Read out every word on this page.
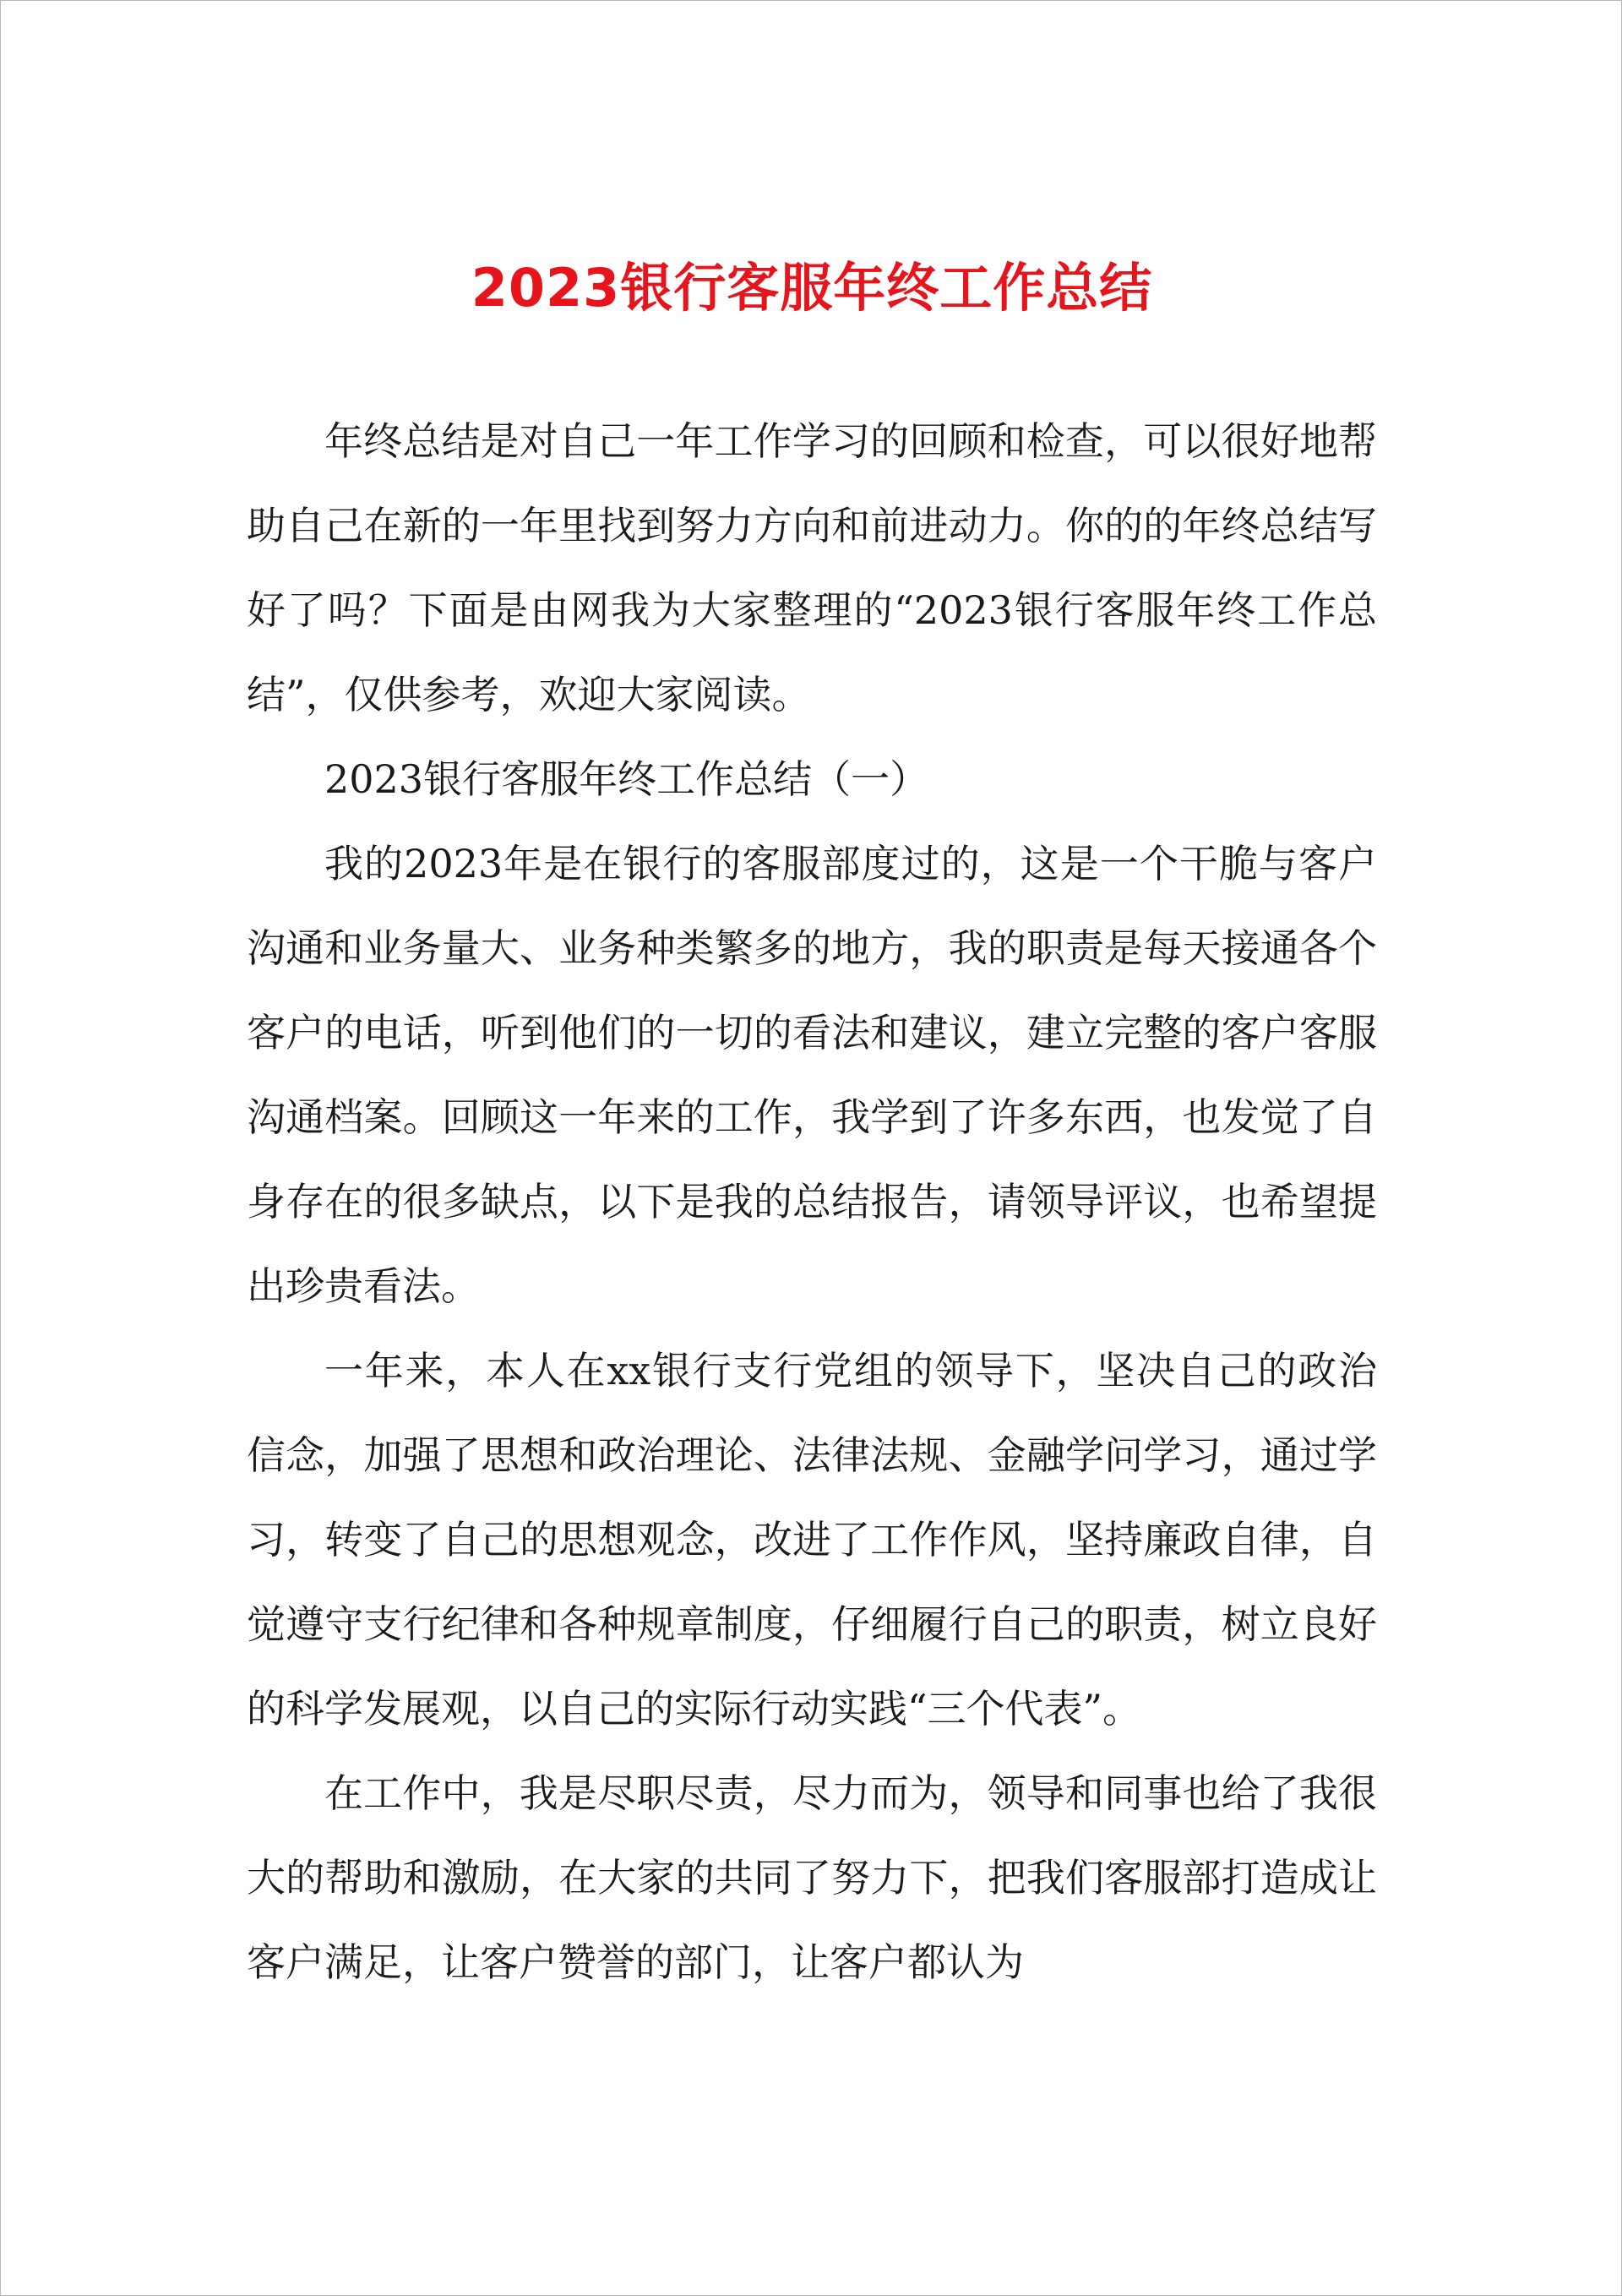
2023银行客服年终工作总结

年终总结是对自己一年工作学习的回顾和检查，可以很好地帮助自己在新的一年里找到努力方向和前进动力。你的的年终总结写好了吗？下面是由网我为大家整理的“2023银行客服年终工作总结”，仅供参考，欢迎大家阅读。

2023银行客服年终工作总结（一）

我的2023年是在银行的客服部度过的，这是一个干脆与客户沟通和业务量大、业务种类繁多的地方，我的职责是每天接通各个客户的电话，听到他们的一切的看法和建议，建立完整的客户客服沟通档案。回顾这一年来的工作，我学到了许多东西，也发觉了自身存在的很多缺点，以下是我的总结报告，请领导评议，也希望提出珍贵看法。

一年来，本人在xx银行支行党组的领导下，坚决自己的政治信念，加强了思想和政治理论、法律法规、金融学问学习，通过学习，转变了自己的思想观念，改进了工作作风，坚持廉政自律，自觉遵守支行纪律和各种规章制度，仔细履行自己的职责，树立良好的科学发展观，以自己的实际行动实践“三个代表”。

在工作中，我是尽职尽责，尽力而为，领导和同事也给了我很大的帮助和激励，在大家的共同了努力下，把我们客服部打造成让客户满足，让客户赞誉的部门，让客户都认为
